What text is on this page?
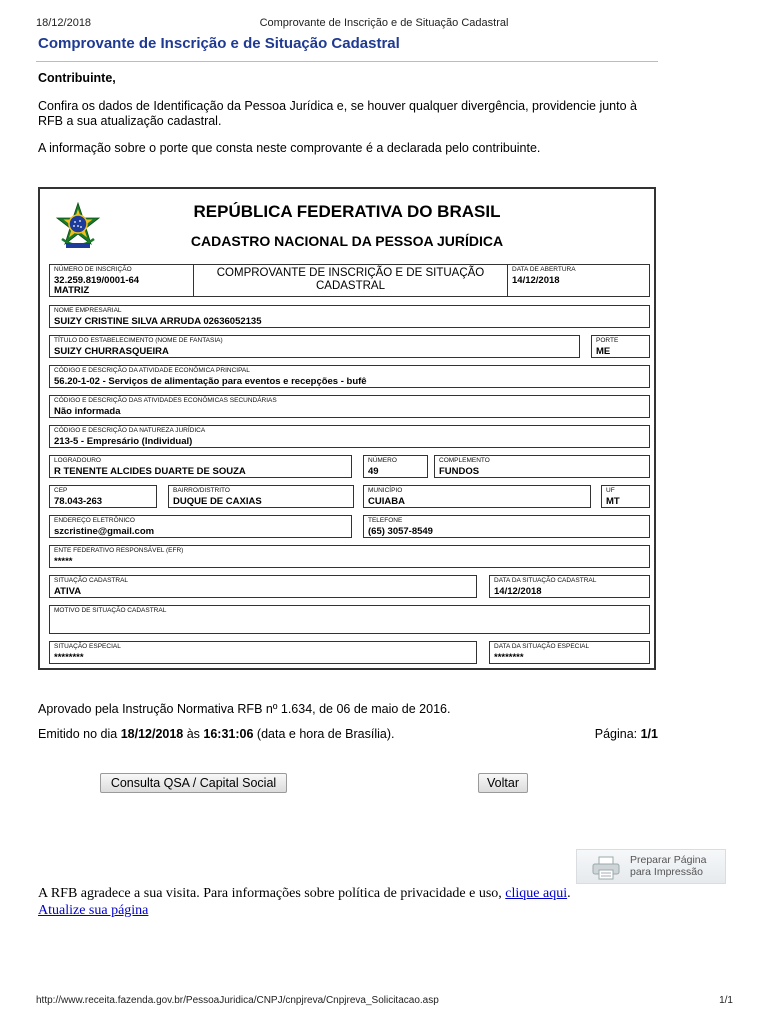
18/12/2018	Comprovante de Inscrição e de Situação Cadastral
Comprovante de Inscrição e de Situação Cadastral
Contribuinte,
Confira os dados de Identificação da Pessoa Jurídica e, se houver qualquer divergência, providencie junto à
RFB a sua atualização cadastral.
A informação sobre o porte que consta neste comprovante é a declarada pelo contribuinte.
REPÚBLICA FEDERATIVA DO BRASIL
CADASTRO NACIONAL DA PESSOA JURÍDICA
NÚMERO DE INSCRIÇÃO
32.259.819/0001-64
MATRIZ
COMPROVANTE DE INSCRIÇÃO E DE SITUAÇÃO
CADASTRAL
DATA DE ABERTURA
14/12/2018
NOME EMPRESARIAL
SUIZY CRISTINE SILVA ARRUDA 02636052135
TÍTULO DO ESTABELECIMENTO (NOME DE FANTASIA)
SUIZY CHURRASQUEIRA
PORTE
ME
CÓDIGO E DESCRIÇÃO DA ATIVIDADE ECONÔMICA PRINCIPAL
56.20-1-02 - Serviços de alimentação para eventos e recepções - bufê
CÓDIGO E DESCRIÇÃO DAS ATIVIDADES ECONÔMICAS SECUNDÁRIAS
Não informada
CÓDIGO E DESCRIÇÃO DA NATUREZA JURÍDICA
213-5 - Empresário (Individual)
LOGRADOURO
R TENENTE ALCIDES DUARTE DE SOUZA
NÚMERO
49
COMPLEMENTO
FUNDOS
CEP
78.043-263
BAIRRO/DISTRITO
DUQUE DE CAXIAS
MUNICÍPIO
CUIABA
UF
MT
ENDEREÇO ELETRÔNICO
szcristine@gmail.com
TELEFONE
(65) 3057-8549
ENTE FEDERATIVO RESPONSÁVEL (EFR)
*****
SITUAÇÃO CADASTRAL
ATIVA
DATA DA SITUAÇÃO CADASTRAL
14/12/2018
MOTIVO DE SITUAÇÃO CADASTRAL
SITUAÇÃO ESPECIAL
********
DATA DA SITUAÇÃO ESPECIAL
********
Aprovado pela Instrução Normativa RFB nº 1.634, de 06 de maio de 2016.
Emitido no dia 18/12/2018 às 16:31:06 (data e hora de Brasília).	Página: 1/1
Consulta QSA / Capital Social	Voltar
Preparar Página
para Impressão
A RFB agradece a sua visita. Para informações sobre política de privacidade e uso, clique aqui.
Atualize sua página
http://www.receita.fazenda.gov.br/PessoaJuridica/CNPJ/cnpjreva/Cnpjreva_Solicitacao.asp	1/1
